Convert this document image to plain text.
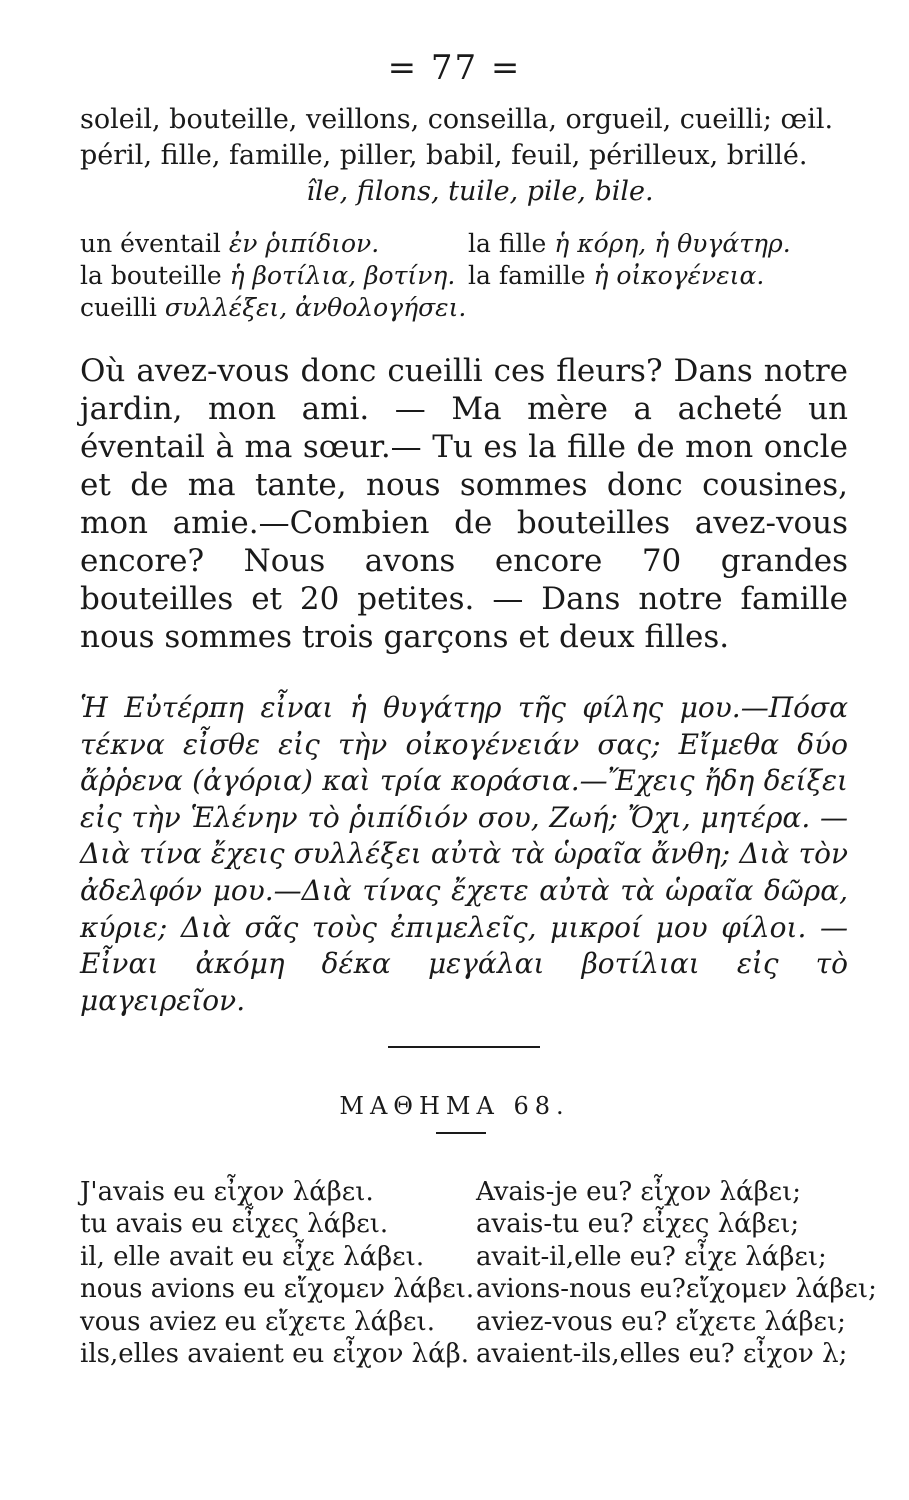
= 77 =
soleil, bouteille, veillons, conseilla, orgueil, cueilli; œil.
péril, fille, famille, piller, babil, feuil, périlleux, brillé.
île, filons, tuile, pile, bile.
un éventail ἐν ῥιπίδιον.	la fille ἡ κόρη, ἡ θυγάτηρ.
la bouteille ἡ βοτίλια, βοτίνη. la famille ἡ οἰκογένεια.
cueilli συλλέξει, ἀνθολογήσει.

Où avez-vous donc cueilli ces fleurs? Dans notre jardin, mon ami. — Ma mère a acheté un éventail à ma sœur.— Tu es la fille de mon oncle et de ma tante, nous sommes donc cousines, mon amie.—Combien de bouteilles avez-vous encore? Nous avons encore 70 grandes bouteilles et 20 petites. — Dans notre famille nous sommes trois garçons et deux filles.

Ἡ Εὐτέρπη εἶναι ἡ θυγάτηρ τῆς φίλης μου.—Πόσα τέκνα εἶσθε εἰς τὴν οἰκογένειάν σας; Εἴμεθα δύο ἄῤῥενα (ἀγόρια) καὶ τρία κοράσια.—Ἔχεις ἤδη δείξει εἰς τὴν Ἑλένην τὸ ῥιπίδιόν σου, Ζωή; Ὄχι, μητέρα. — Διὰ τίνα ἔχεις συλλέξει αὐτὰ τὰ ὡραῖα ἄνθη; Διὰ τὸν ἀδελφόν μου.—Διὰ τίνας ἔχετε αὐτὰ τὰ ὡραῖα δῶρα, κύριε; Διὰ σᾶς τοὺς ἐπιμελεῖς, μικροί μου φίλοι. — Εἶναι ἀκόμη δέκα μεγάλαι βοτίλιαι εἰς τὸ μαγειρεῖον.

ΜΑΘΗΜΑ 68.
J'avais eu εἶχον λάβει.	Avais-je eu? εἶχον λάβει;
tu avais eu εἶχες λάβει.	avais-tu eu? εἶχες λάβει;
il, elle avait eu εἶχε λάβει.	avait-il,elle eu? εἶχε λάβει;
nous avions eu εἴχομεν λάβει. avions-nous eu?εἴχομεν λάβει;
vous aviez eu εἴχετε λάβει.	aviez-vous eu? εἴχετε λάβει;
ils,elles avaient eu εἶχον λάβ. avaient-ils,elles eu? εἶχον λ;
